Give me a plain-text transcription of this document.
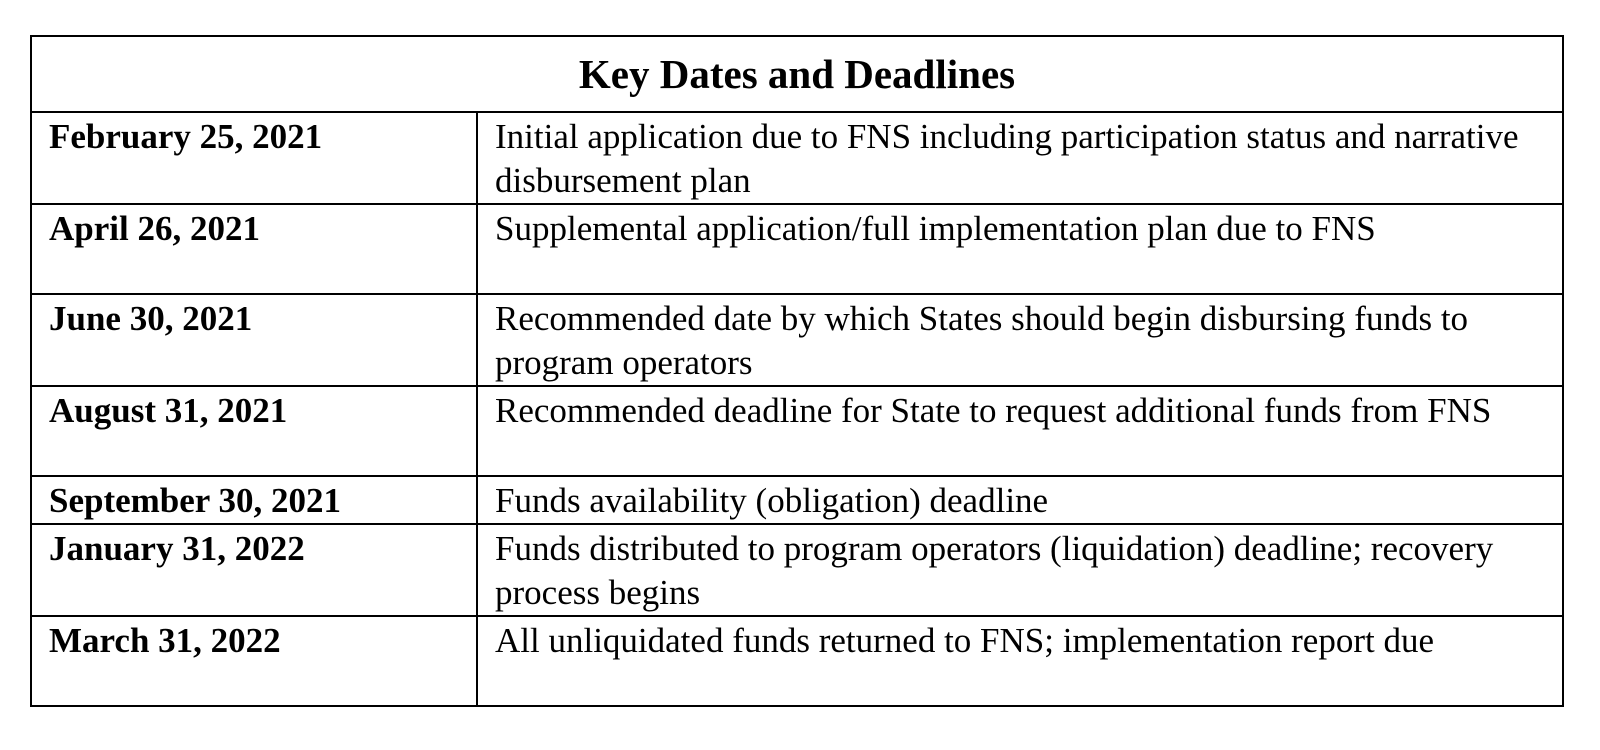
Key Dates and Deadlines	
February 25, 2021	Initial application due to FNS including participation status and narrative disbursement plan
April 26, 2021	Supplemental application/full implementation plan due to FNS
June 30, 2021	Recommended date by which States should begin disbursing funds to program operators
August 31, 2021	Recommended deadline for State to request additional funds from FNS
September 30, 2021	Funds availability (obligation) deadline
January 31, 2022	Funds distributed to program operators (liquidation) deadline; recovery process begins
March 31, 2022	All unliquidated funds returned to FNS; implementation report due
